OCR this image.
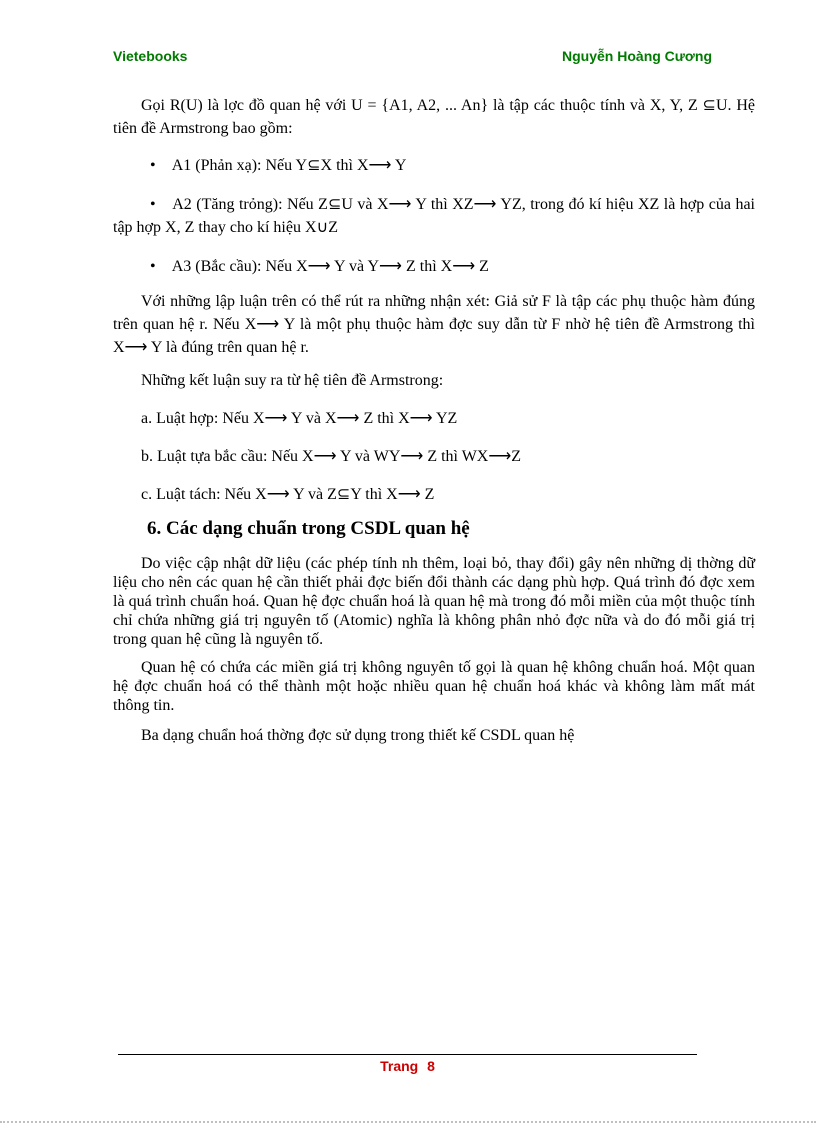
Vietebooks	Nguyễn Hoàng Cương

Gọi R(U) là lợc đồ quan hệ với U = {A1, A2, ... An} là tập các thuộc tính và X, Y, Z ⊆U. Hệ tiên đề Armstrong bao gồm:

• A1 (Phản xạ): Nếu Y⊆X thì X⟶ Y

• A2 (Tăng trỏng): Nếu Z⊆U và X⟶ Y thì XZ⟶ YZ, trong đó kí hiệu XZ là hợp của hai tập hợp X, Z thay cho kí hiệu X∪Z

• A3 (Bắc cầu): Nếu X⟶ Y và Y⟶ Z thì X⟶ Z

Với những lập luận trên có thể rút ra những nhận xét: Giả sử F là tập các phụ thuộc hàm đúng trên quan hệ r. Nếu X⟶ Y là một phụ thuộc hàm đợc suy dẫn từ F nhờ hệ tiên đề Armstrong thì X⟶ Y là đúng trên quan hệ r.

Những kết luận suy ra từ hệ tiên đề Armstrong:

a. Luật hợp: Nếu X⟶ Y và X⟶ Z thì X⟶ YZ

b. Luật tựa bắc cầu: Nếu X⟶ Y và WY⟶ Z thì WX⟶Z

c. Luật tách: Nếu X⟶ Y và Z⊆Y thì X⟶ Z

6. Các dạng chuẩn trong CSDL quan hệ

Do việc cập nhật dữ liệu (các phép tính nh thêm, loại bỏ, thay đổi) gây nên những dị thờng dữ liệu cho nên các quan hệ cần thiết phải đợc biến đổi thành các dạng phù hợp. Quá trình đó đợc xem là quá trình chuẩn hoá. Quan hệ đợc chuẩn hoá là quan hệ mà trong đó mỗi miền của một thuộc tính chỉ chứa những giá trị nguyên tố (Atomic) nghĩa là không phân nhỏ đợc nữa và do đó mỗi giá trị trong quan hệ cũng là nguyên tố.

Quan hệ có chứa các miền giá trị không nguyên tố gọi là quan hệ không chuẩn hoá. Một quan hệ đợc chuẩn hoá có thể thành một hoặc nhiều quan hệ chuẩn hoá khác và không làm mất mát thông tin.

Ba dạng chuẩn hoá thờng đợc sử dụng trong thiết kế CSDL quan hệ

Trang 8
